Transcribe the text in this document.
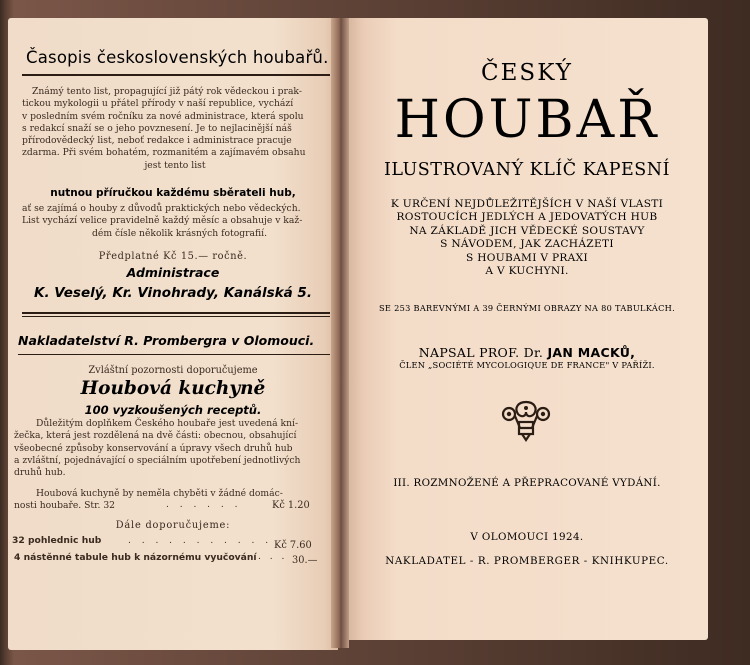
Časopis československých houbařů.
Známý tento list, propagující již pátý rok vědeckou i prak-
tickou mykologii u přátel přírody v naší republice, vychází
v posledním svém ročníku za nové administrace, která spolu
s redakcí snaží se o jeho povznesení. Je to nejlacinější náš
přírodovědecký list, neboť redakce i administrace pracuje
zdarma. Při svém bohatém, rozmanitém a zajímavém obsahu
jest tento list
nutnou příručkou každému sběrateli hub,
ať se zajímá o houby z důvodů praktických nebo vědeckých.
List vychází velice pravidelně každý měsíc a obsahuje v kaž-
dém čísle několik krásných fotografií.
Předplatné Kč 15.— ročně.
Administrace
K. Veselý, Kr. Vinohrady, Kanálská 5.
Nakladatelství R. Prombergra v Olomouci.
Zvláštní pozornosti doporučujeme
Houbová kuchyně
100 vyzkoušených receptů.
Důležitým doplňkem Českého houbaře jest uvedená kní-
žečka, která jest rozdělená na dvě části: obecnou, obsahující
všeobecné způsoby konservování a úpravy všech druhů hub
a zvláštní, pojednávající o speciálním upotřebení jednotlivých
druhů hub.
Houbová kuchyně by neměla chyběti v žádné domác-
nosti houbaře. Str. 32	Kč 1.20
. . . . . .
Dále doporučujeme:
32 pohlednic hub	. . . . . . . . . . . Kč 7.60
4 nástěnné tabule hub k názornému vyučování . . . 30.—
ČESKÝ
HOUBAŘ
ILUSTROVANÝ KLÍČ KAPESNÍ
K URČENÍ NEJDŮLEŽITĚJŠÍCH V NAŠÍ VLASTI
ROSTOUCÍCH JEDLÝCH A JEDOVATÝCH HUB
NA ZÁKLADĚ JICH VĚDECKÉ SOUSTAVY
S NÁVODEM, JAK ZACHÁZETI
S HOUBAMI V PRAXI
A V KUCHYNI.
SE 253 BAREVNÝMI A 39 ČERNÝMI OBRAZY NA 80 TABULKÁCH.
NAPSAL PROF. Dr. JAN MACKŮ,
ČLEN „SOCIÉTÉ MYCOLOGIQUE DE FRANCE" V PAŘÍŽI.
III. ROZMNOŽENÉ A PŘEPRACOVANÉ VYDÁNÍ.
V OLOMOUCI 1924.
NAKLADATEL - R. PROMBERGER - KNIHKUPEC.
